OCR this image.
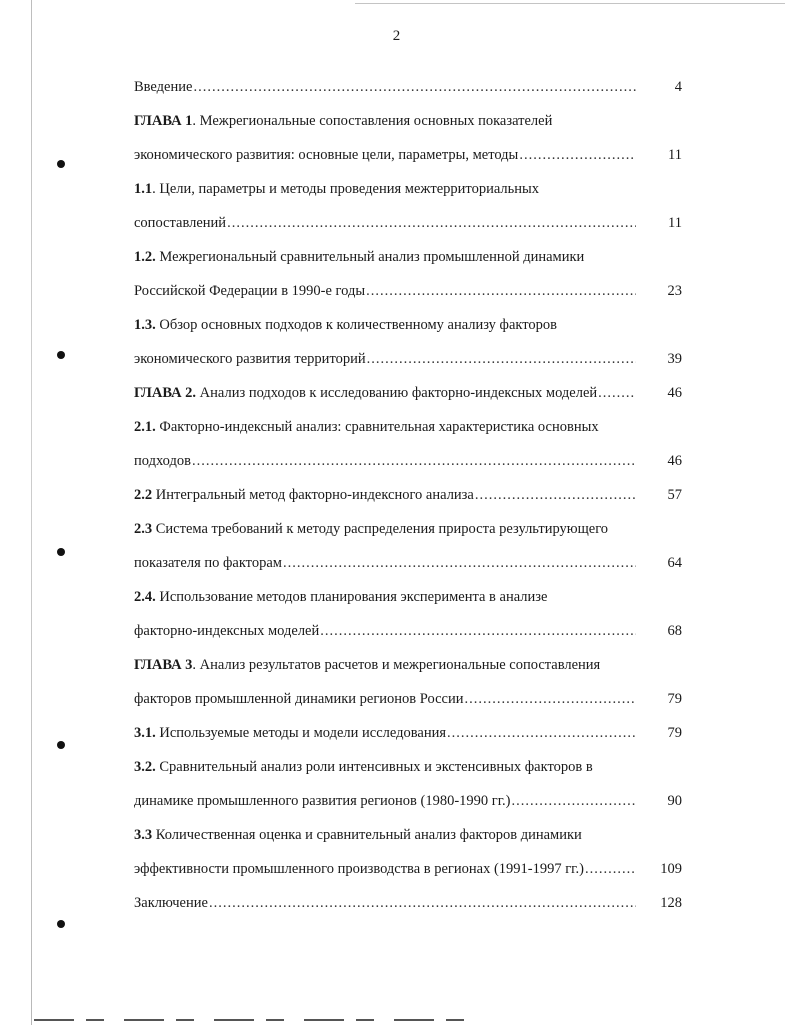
2
Введение .....	4
ГЛАВА 1. Межрегиональные сопоставления основных показателей
экономического развития: основные цели, параметры, методы .....	11
1.1. Цели, параметры и методы проведения межтерриториальных
сопоставлений .....	11
1.2. Межрегиональный сравнительный анализ промышленной динамики
Российской Федерации в 1990-е годы .....	23
1.3. Обзор основных подходов к количественному анализу факторов
экономического развития территорий .....	39
ГЛАВА 2. Анализ подходов к исследованию факторно-индексных моделей .....	46
2.1. Факторно-индексный анализ: сравнительная характеристика основных
подходов .....	46
2.2 Интегральный метод факторно-индексного анализа .....	57
2.3 Система требований к методу распределения прироста результирующего
показателя по факторам .....	64
2.4. Использование методов планирования эксперимента в анализе
факторно-индексных моделей .....	68
ГЛАВА 3. Анализ результатов расчетов и межрегиональные сопоставления
факторов промышленной динамики регионов России .....	79
3.1. Используемые методы и модели исследования .....	79
3.2. Сравнительный анализ роли интенсивных и экстенсивных факторов в
динамике промышленного развития регионов (1980-1990 гг.) .....	90
3.3 Количественная оценка и сравнительный анализ факторов динамики
эффективности промышленного производства в регионах (1991-1997 гг.) .....	109
Заключение .....	128
